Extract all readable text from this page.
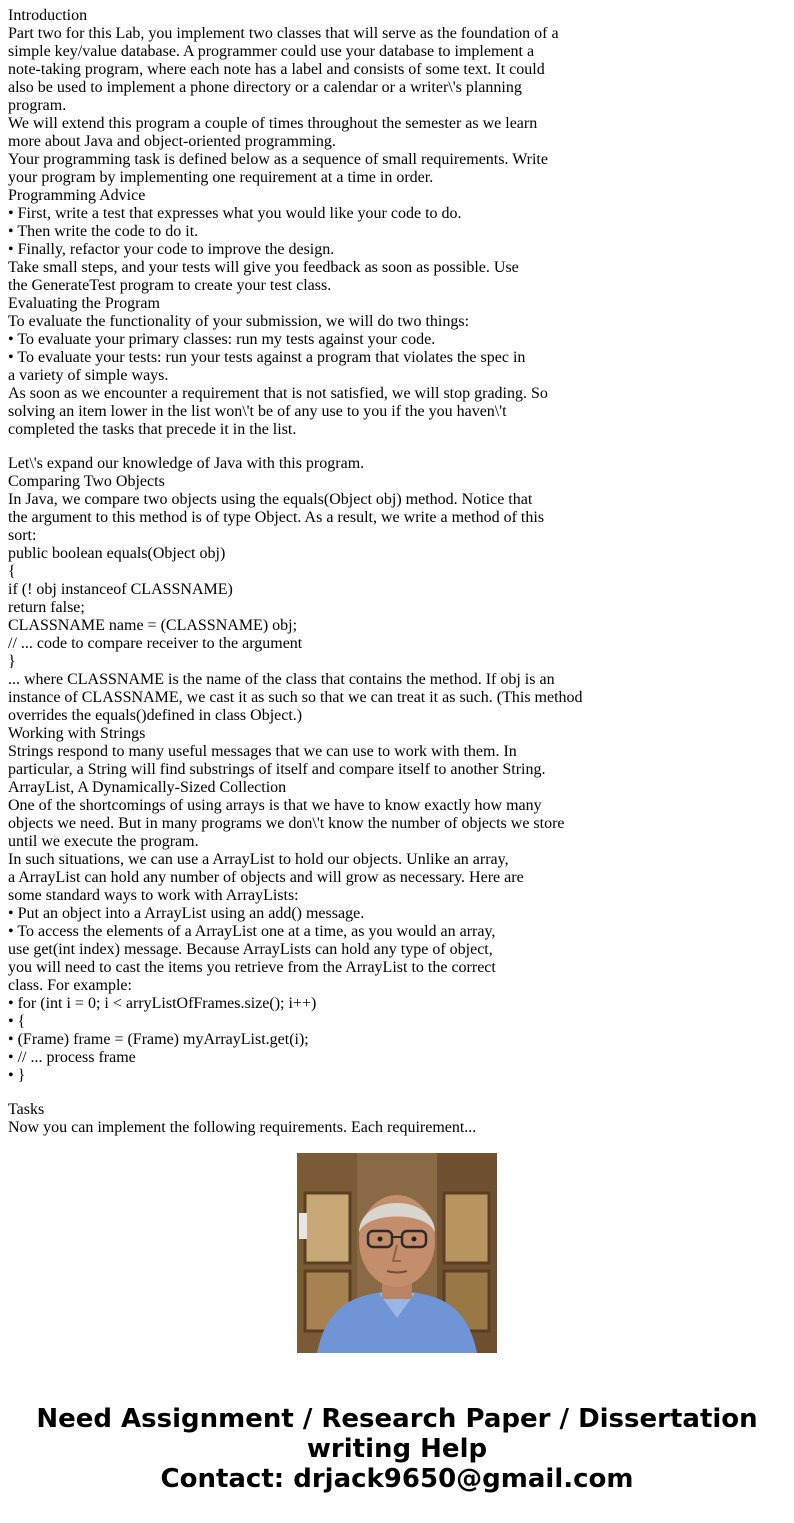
Introduction
Part two for this Lab, you implement two classes that will serve as the foundation of a
simple key/value database. A programmer could use your database to implement a
note-taking program, where each note has a label and consists of some text. It could
also be used to implement a phone directory or a calendar or a writer\'s planning
program.
We will extend this program a couple of times throughout the semester as we learn
more about Java and object-oriented programming.
Your programming task is defined below as a sequence of small requirements. Write
your program by implementing one requirement at a time in order.
Programming Advice
• First, write a test that expresses what you would like your code to do.
• Then write the code to do it.
• Finally, refactor your code to improve the design.
Take small steps, and your tests will give you feedback as soon as possible. Use
the GenerateTest program to create your test class.
Evaluating the Program
To evaluate the functionality of your submission, we will do two things:
• To evaluate your primary classes: run my tests against your code.
• To evaluate your tests: run your tests against a program that violates the spec in
a variety of simple ways.
As soon as we encounter a requirement that is not satisfied, we will stop grading. So
solving an item lower in the list won\'t be of any use to you if the you haven\'t
completed the tasks that precede it in the list.
Let\'s expand our knowledge of Java with this program.
Comparing Two Objects
In Java, we compare two objects using the equals(Object obj) method. Notice that
the argument to this method is of type Object. As a result, we write a method of this
sort:
public boolean equals(Object obj)
{
if (! obj instanceof CLASSNAME)
return false;
CLASSNAME name = (CLASSNAME) obj;
// ... code to compare receiver to the argument
}
... where CLASSNAME is the name of the class that contains the method. If obj is an
instance of CLASSNAME, we cast it as such so that we can treat it as such. (This method
overrides the equals()defined in class Object.)
Working with Strings
Strings respond to many useful messages that we can use to work with them. In
particular, a String will find substrings of itself and compare itself to another String.
ArrayList, A Dynamically-Sized Collection
One of the shortcomings of using arrays is that we have to know exactly how many
objects we need. But in many programs we don\'t know the number of objects we store
until we execute the program.
In such situations, we can use a ArrayList to hold our objects. Unlike an array,
a ArrayList can hold any number of objects and will grow as necessary. Here are
some standard ways to work with ArrayLists:
• Put an object into a ArrayList using an add() message.
• To access the elements of a ArrayList one at a time, as you would an array,
use get(int index) message. Because ArrayLists can hold any type of object,
you will need to cast the items you retrieve from the ArrayList to the correct
class. For example:
• for (int i = 0; i < arryListOfFrames.size(); i++)
• {
• (Frame) frame = (Frame) myArrayList.get(i);
• // ... process frame
• }
Tasks
Now you can implement the following requirements. Each requirement...
Need Assignment / Research Paper / Dissertation
writing Help
Contact: drjack9650@gmail.com
